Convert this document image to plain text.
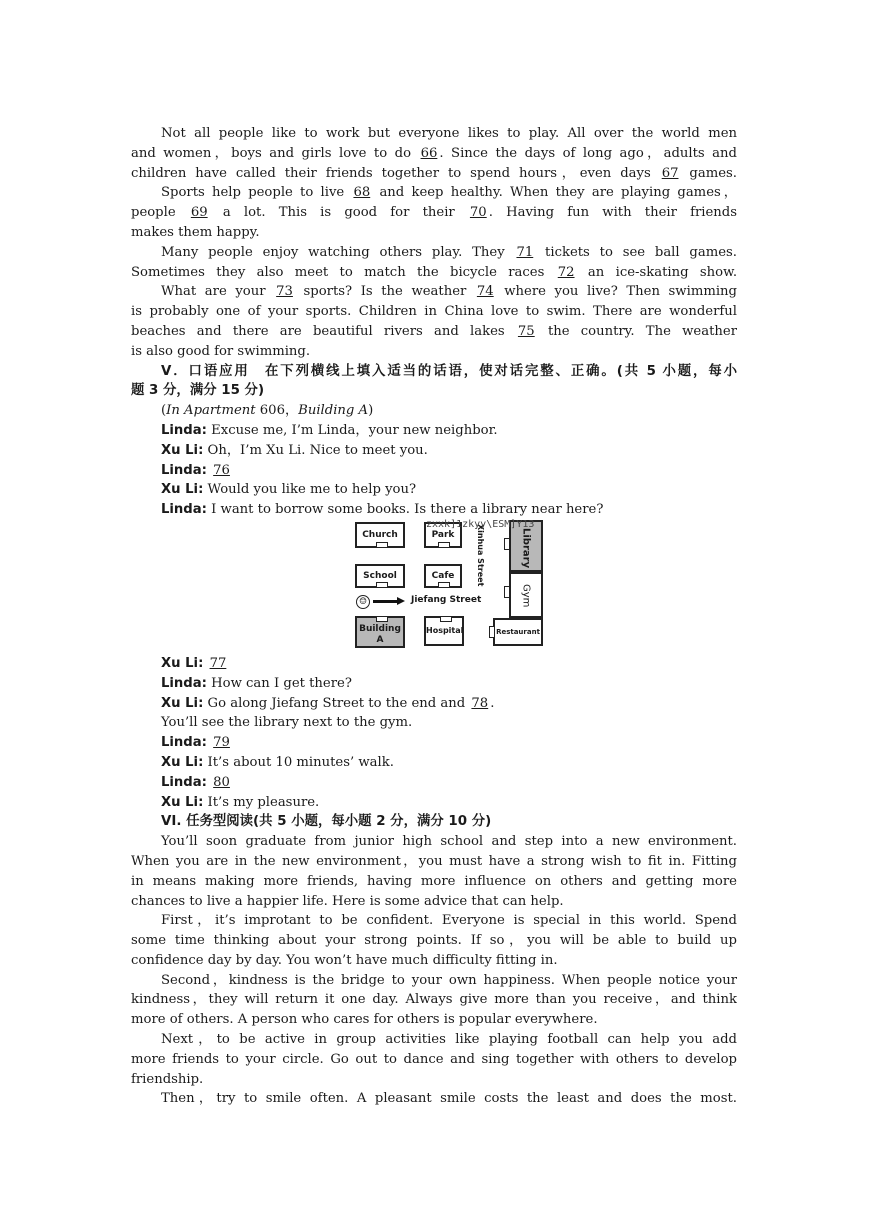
Not all people like to work but everyone likes to play. All over the world men
and women，boys and girls love to do 66 . Since the days of long ago，adults and
children have called their friends together to spend hours，even days 67 games.
Sports help people to live 68 and keep healthy. When they are playing games，
people 69 a lot. This is good for their 70 . Having fun with their friends
makes them happy.
Many people enjoy watching others play. They 71 tickets to see ball games.
Sometimes they also meet to match the bicycle races 72 an ice-skating show.
What are your 73 sports? Is the weather 74 where you live? Then swimming
is probably one of your sports. Children in China love to swim. There are wonderful
beaches and there are beautiful rivers and lakes 75 the country. The weather
is also good for swimming.
V．口语应用　在下列横线上填入适当的话语，使对话完整、正确。(共 5 小题，每小
题 3 分，满分 15 分)
(In Apartment 606，Building A)
Linda: Excuse me, I’m Linda，your new neighbor.
Xu Li: Oh，I’m Xu Li. Nice to meet you.
Linda: 76
Xu Li: Would you like me to help you?
Linda: I want to borrow some books. Is there a library near here?
Church	Park
School	Cafe
Building A
Hospital
Xinhua Street	Library
Gym
Restaurant
☺	Jiefang Street
zxxk]1zkyy\ESM]Y13
Xu Li: 77
Linda: How can I get there?
Xu Li: Go along Jiefang Street to the end and 78 .
You’ll see the library next to the gym.
Linda: 79
Xu Li: It’s about 10 minutes’ walk.
Linda: 80
Xu Li: It’s my pleasure.
VI. 任务型阅读(共 5 小题，每小题 2 分，满分 10 分)
You’ll soon graduate from junior high school and step into a new environment.
When you are in the new environment，you must have a strong wish to fit in. Fitting
in means making more friends, having more influence on others and getting more
chances to live a happier life. Here is some advice that can help.
First，it’s improtant to be confident. Everyone is special in this world. Spend
some time thinking about your strong points. If so，you will be able to build up
confidence day by day. You won’t have much difficulty fitting in.
Second，kindness is the bridge to your own happiness. When people notice your
kindness，they will return it one day. Always give more than you receive，and think
more of others. A person who cares for others is popular everywhere.
Next，to be active in group activities like playing football can help you add
more friends to your circle. Go out to dance and sing together with others to develop
friendship.
Then，try to smile often. A pleasant smile costs the least and does the most.
